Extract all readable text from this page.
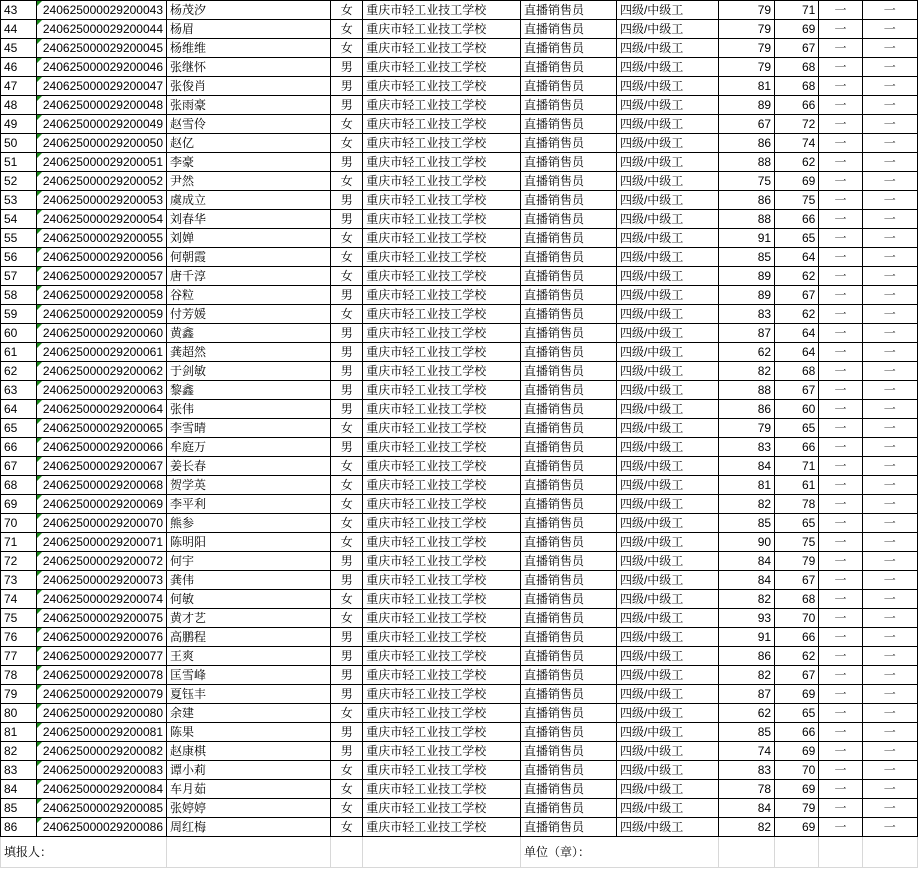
43	240625000029200043	杨茂汐	女	重庆市轻工业技工学校	直播销售员	四级/中级工	79	71	一	一
44	240625000029200044	杨眉	女	重庆市轻工业技工学校	直播销售员	四级/中级工	79	69	一	一
45	240625000029200045	杨维维	女	重庆市轻工业技工学校	直播销售员	四级/中级工	79	67	一	一
46	240625000029200046	张继怀	男	重庆市轻工业技工学校	直播销售员	四级/中级工	79	68	一	一
47	240625000029200047	张俊肖	男	重庆市轻工业技工学校	直播销售员	四级/中级工	81	68	一	一
48	240625000029200048	张雨豪	男	重庆市轻工业技工学校	直播销售员	四级/中级工	89	66	一	一
49	240625000029200049	赵雪伶	女	重庆市轻工业技工学校	直播销售员	四级/中级工	67	72	一	一
50	240625000029200050	赵亿	女	重庆市轻工业技工学校	直播销售员	四级/中级工	86	74	一	一
51	240625000029200051	李豪	男	重庆市轻工业技工学校	直播销售员	四级/中级工	88	62	一	一
52	240625000029200052	尹然	女	重庆市轻工业技工学校	直播销售员	四级/中级工	75	69	一	一
53	240625000029200053	虞成立	男	重庆市轻工业技工学校	直播销售员	四级/中级工	86	75	一	一
54	240625000029200054	刘春华	男	重庆市轻工业技工学校	直播销售员	四级/中级工	88	66	一	一
55	240625000029200055	刘婵	女	重庆市轻工业技工学校	直播销售员	四级/中级工	91	65	一	一
56	240625000029200056	何朝霞	女	重庆市轻工业技工学校	直播销售员	四级/中级工	85	64	一	一
57	240625000029200057	唐千淳	女	重庆市轻工业技工学校	直播销售员	四级/中级工	89	62	一	一
58	240625000029200058	谷粒	男	重庆市轻工业技工学校	直播销售员	四级/中级工	89	67	一	一
59	240625000029200059	付芳媛	女	重庆市轻工业技工学校	直播销售员	四级/中级工	83	62	一	一
60	240625000029200060	黄鑫	男	重庆市轻工业技工学校	直播销售员	四级/中级工	87	64	一	一
61	240625000029200061	龚超然	男	重庆市轻工业技工学校	直播销售员	四级/中级工	62	64	一	一
62	240625000029200062	于剑敏	男	重庆市轻工业技工学校	直播销售员	四级/中级工	82	68	一	一
63	240625000029200063	黎鑫	男	重庆市轻工业技工学校	直播销售员	四级/中级工	88	67	一	一
64	240625000029200064	张伟	男	重庆市轻工业技工学校	直播销售员	四级/中级工	86	60	一	一
65	240625000029200065	李雪晴	女	重庆市轻工业技工学校	直播销售员	四级/中级工	79	65	一	一
66	240625000029200066	牟庭万	男	重庆市轻工业技工学校	直播销售员	四级/中级工	83	66	一	一
67	240625000029200067	姜长春	女	重庆市轻工业技工学校	直播销售员	四级/中级工	84	71	一	一
68	240625000029200068	贺学英	女	重庆市轻工业技工学校	直播销售员	四级/中级工	81	61	一	一
69	240625000029200069	李平利	女	重庆市轻工业技工学校	直播销售员	四级/中级工	82	78	一	一
70	240625000029200070	熊参	女	重庆市轻工业技工学校	直播销售员	四级/中级工	85	65	一	一
71	240625000029200071	陈明阳	女	重庆市轻工业技工学校	直播销售员	四级/中级工	90	75	一	一
72	240625000029200072	何宇	男	重庆市轻工业技工学校	直播销售员	四级/中级工	84	79	一	一
73	240625000029200073	龚伟	男	重庆市轻工业技工学校	直播销售员	四级/中级工	84	67	一	一
74	240625000029200074	何敏	女	重庆市轻工业技工学校	直播销售员	四级/中级工	82	68	一	一
75	240625000029200075	黄才艺	女	重庆市轻工业技工学校	直播销售员	四级/中级工	93	70	一	一
76	240625000029200076	高鹏程	男	重庆市轻工业技工学校	直播销售员	四级/中级工	91	66	一	一
77	240625000029200077	王爽	男	重庆市轻工业技工学校	直播销售员	四级/中级工	86	62	一	一
78	240625000029200078	匡雪峰	男	重庆市轻工业技工学校	直播销售员	四级/中级工	82	67	一	一
79	240625000029200079	夏钰丰	男	重庆市轻工业技工学校	直播销售员	四级/中级工	87	69	一	一
80	240625000029200080	余建	女	重庆市轻工业技工学校	直播销售员	四级/中级工	62	65	一	一
81	240625000029200081	陈果	男	重庆市轻工业技工学校	直播销售员	四级/中级工	85	66	一	一
82	240625000029200082	赵康棋	男	重庆市轻工业技工学校	直播销售员	四级/中级工	74	69	一	一
83	240625000029200083	谭小莉	女	重庆市轻工业技工学校	直播销售员	四级/中级工	83	70	一	一
84	240625000029200084	车月茹	女	重庆市轻工业技工学校	直播销售员	四级/中级工	78	69	一	一
85	240625000029200085	张婷婷	女	重庆市轻工业技工学校	直播销售员	四级/中级工	84	79	一	一
86	240625000029200086	周红梅	女	重庆市轻工业技工学校	直播销售员	四级/中级工	82	69	一	一
填报人：					单位（章）：					
